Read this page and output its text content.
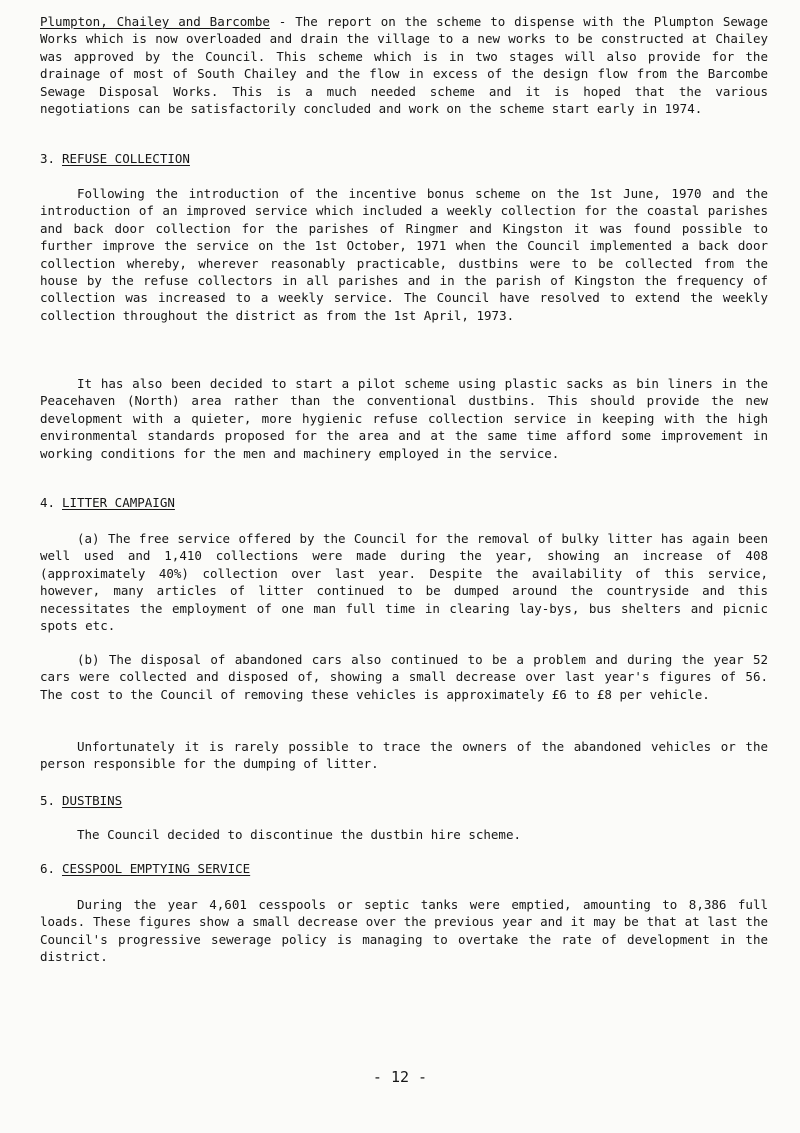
Plumpton, Chailey and Barcombe - The report on the scheme to dispense with the Plumpton Sewage Works which is now overloaded and drain the village to a new works to be constructed at Chailey was approved by the Council. This scheme which is in two stages will also provide for the drainage of most of South Chailey and the flow in excess of the design flow from the Barcombe Sewage Disposal Works. This is a much needed scheme and it is hoped that the various negotiations can be satisfactorily concluded and work on the scheme start early in 1974.

3. REFUSE COLLECTION

Following the introduction of the incentive bonus scheme on the 1st June, 1970 and the introduction of an improved service which included a weekly collection for the coastal parishes and back door collection for the parishes of Ringmer and Kingston it was found possible to further improve the service on the 1st October, 1971 when the Council implemented a back door collection whereby, wherever reasonably practicable, dustbins were to be collected from the house by the refuse collectors in all parishes and in the parish of Kingston the frequency of collection was increased to a weekly service. The Council have resolved to extend the weekly collection throughout the district as from the 1st April, 1973.

It has also been decided to start a pilot scheme using plastic sacks as bin liners in the Peacehaven (North) area rather than the conventional dustbins. This should provide the new development with a quieter, more hygienic refuse collection service in keeping with the high environmental standards proposed for the area and at the same time afford some improvement in working conditions for the men and machinery employed in the service.

4. LITTER CAMPAIGN

(a) The free service offered by the Council for the removal of bulky litter has again been well used and 1,410 collections were made during the year, showing an increase of 408 (approximately 40%) collection over last year. Despite the availability of this service, however, many articles of litter continued to be dumped around the countryside and this necessitates the employment of one man full time in clearing lay-bys, bus shelters and picnic spots etc.

(b) The disposal of abandoned cars also continued to be a problem and during the year 52 cars were collected and disposed of, showing a small decrease over last year's figures of 56. The cost to the Council of removing these vehicles is approximately £6 to £8 per vehicle.

Unfortunately it is rarely possible to trace the owners of the abandoned vehicles or the person responsible for the dumping of litter.

5. DUSTBINS

The Council decided to discontinue the dustbin hire scheme.

6. CESSPOOL EMPTYING SERVICE

During the year 4,601 cesspools or septic tanks were emptied, amounting to 8,386 full loads. These figures show a small decrease over the previous year and it may be that at last the Council's progressive sewerage policy is managing to overtake the rate of development in the district.

- 12 -
